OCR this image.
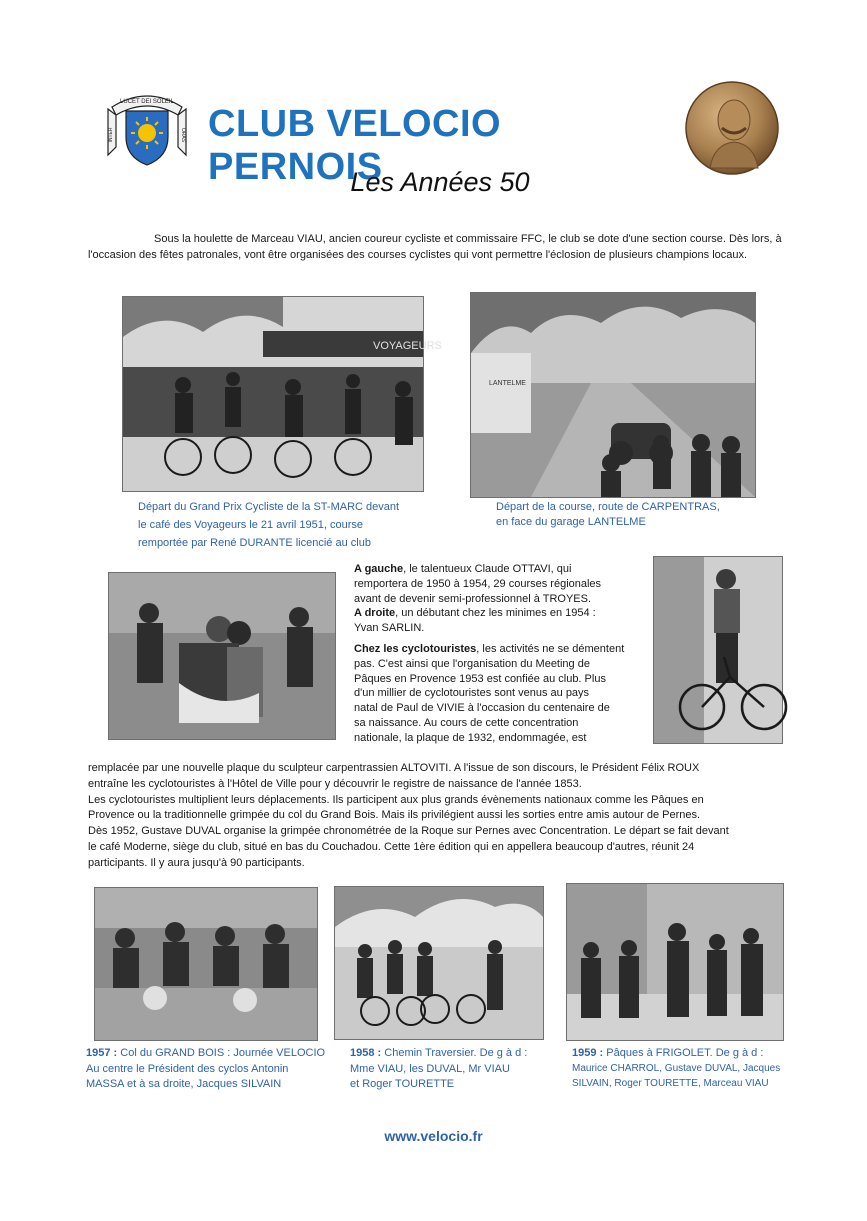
LUCET DEI SOLEIL
INTER	ORAS CLUB VELOCIO PERNOIS
Les Années 50
Sous la houlette de Marceau VIAU, ancien coureur cycliste et commissaire FFC, le club se dote d'une section course. Dès lors, à l'occasion des fêtes patronales, vont être organisées des courses cyclistes qui vont permettre l'éclosion de plusieurs champions locaux.
VOYAGEURS
Départ du Grand Prix Cycliste de la ST-MARC devant
le café des Voyageurs le 21 avril 1951, course
remportée par René DURANTE licencié au club
LANTELME
Départ de la course, route de CARPENTRAS,
en face du garage LANTELME
A gauche, le talentueux Claude OTTAVI, qui
remportera de 1950 à 1954, 29 courses régionales
avant de devenir semi-professionnel à TROYES.
A droite, un débutant chez les minimes en 1954 :
Yvan SARLIN.
Chez les cyclotouristes, les activités ne se démentent
pas. C'est ainsi que l'organisation du Meeting de
Pâques en Provence 1953 est confiée au club. Plus
d'un millier de cyclotouristes sont venus au pays
natal de Paul de VIVIE à l'occasion du centenaire de
sa naissance. Au cours de cette concentration
nationale, la plaque de 1932, endommagée, est
remplacée par une nouvelle plaque du sculpteur carpentrassien ALTOVITI. A l'issue de son discours, le Président Félix ROUX
entraîne les cyclotouristes à l'Hôtel de Ville pour y découvrir le registre de naissance de l'année 1853.
Les cyclotouristes multiplient leurs déplacements. Ils participent aux plus grands évènements nationaux comme les Pâques en
Provence ou la traditionnelle grimpée du col du Grand Bois. Mais ils privilégient aussi les sorties entre amis autour de Pernes.
Dès 1952, Gustave DUVAL organise la grimpée chronométrée de la Roque sur Pernes avec Concentration. Le départ se fait devant
le café Moderne, siège du club, situé en bas du Couchadou. Cette 1ère édition qui en appellera beaucoup d'autres, réunit 24
participants. Il y aura jusqu'à 90 participants.
1957 : Col du GRAND BOIS : Journée VELOCIO
Au centre le Président des cyclos Antonin
MASSA et à sa droite, Jacques SILVAIN
1958 : Chemin Traversier. De g à d :
Mme VIAU, les DUVAL, Mr VIAU
et Roger TOURETTE
1959 : Pâques à FRIGOLET. De g à d :
Maurice CHARROL, Gustave DUVAL, Jacques
SILVAIN, Roger TOURETTE, Marceau VIAU
www.velocio.fr
